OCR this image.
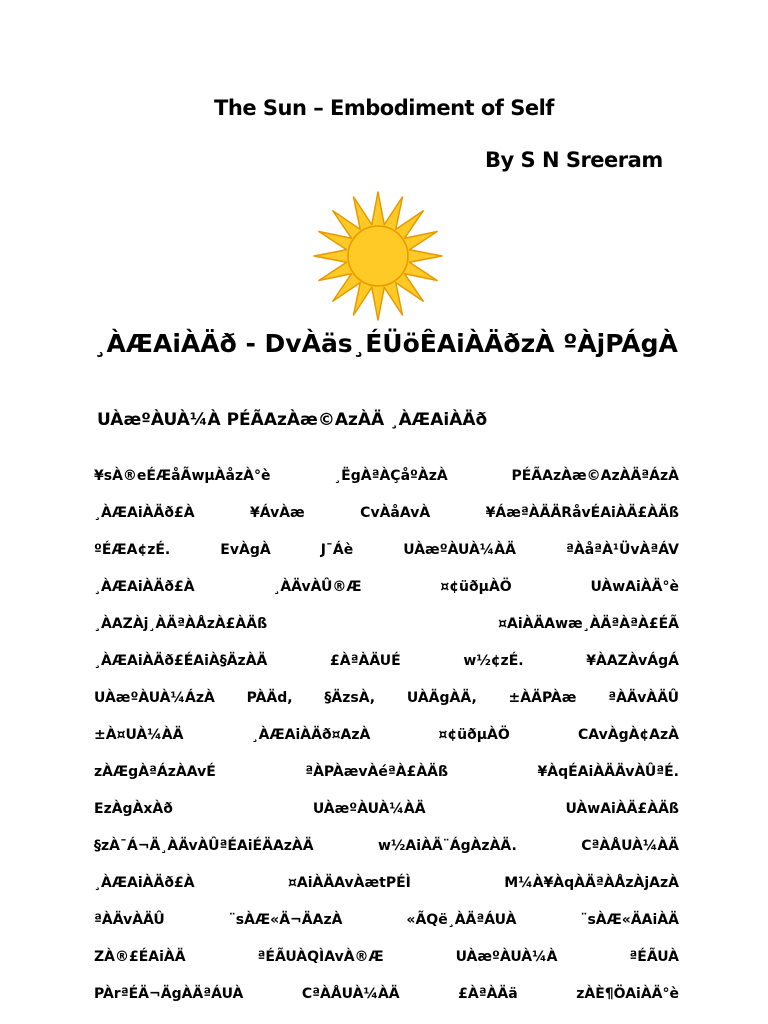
The Sun – Embodiment of Self
By S N Sreeram
¸ÀÆAiÀÄð - DvÀäs¸ÉÜöÊAiÀÄðzÀ ºÀjPÁgÀ
UÀæºÀUÀ¼À PÉÃAzÀæ©AzÀÄ ¸ÀÆAiÀÄð
¥sÀ®eÉÆåÃwµÀåzÀ°è ¸ËgÀªÀÇåºÀzÀ PÉÃAzÀæ©AzÀÄªÁzÀ
¸ÀÆAiÀÄð£À ¥ÁvÀæ CvÀåAvÀ ¥ÁæªÀÄÄRåvÉAiÀÄ£ÀÄß
ºÉÆA¢zÉ. EvÀgÀ J¯Áè UÀæºÀUÀ¼ÀÄ ªÀåªÀ¹ÜvÀªÁV
¸ÀÆAiÀÄð£À ¸ÀÄvÀÛ®Æ ¤¢üðµÀÖ UÀwAiÀÄ°è
¸ÀAZÀj¸ÀÄªÀÅzÀ£ÀÄß ¤AiÀÄAwæ¸ÀÄªÀªÀ£ÉÃ
¸ÀÆAiÀÄð£ÉAiÀ§ÄzÀÄ £ÀªÀÄUÉ w½¢zÉ. ¥ÀAZÀvÁgÁ
UÀæºÀUÀ¼ÁzÀ PÀÄd, §ÄzsÀ, UÀÄgÀÄ, ±ÀÄPÀæ ªÀÄvÀÄÛ
±À¤UÀ¼ÀÄ ¸ÀÆAiÀÄð¤AzÀ ¤¢üðµÀÖ CAvÀgÀ¢AzÀ
zÀÆgÀªÁzÀAvÉ ªÀPÀævÀéªÀ£ÀÄß ¥ÀqÉAiÀÄÄvÀÛªÉ.
EzÀgÀxÀð UÀæºÀUÀ¼ÀÄ UÀwAiÀÄ£ÀÄß
§zÀ¯Á¬Ä¸ÀÄvÀÛªÉAiÉÄAzÀÄ w½AiÀÄ¨ÁgÀzÀÄ. CªÀÅUÀ¼ÀÄ
¸ÀÆAiÀÄð£À ¤AiÀÄAvÀætPÉÌ M¼À¥ÀqÀÄªÀÅzÀjAzÀ
ªÀÄvÀÄÛ ¨sÀÆ«Ä¬ÄAzÀ «ÃQë¸ÀÄªÁUÀ ¨sÀÆ«ÄAiÀÄ
ZÀ®£ÉAiÀÄ ªÉÃUÀQÌAvÀ®Æ UÀæºÀUÀ¼À ªÉÃUÀ
PÀrªÉÄ¬ÄgÀÄªÁUÀ CªÀÅUÀ¼ÀÄ £ÀªÀÄä zÀÈ¶ÖAiÀÄ°è
